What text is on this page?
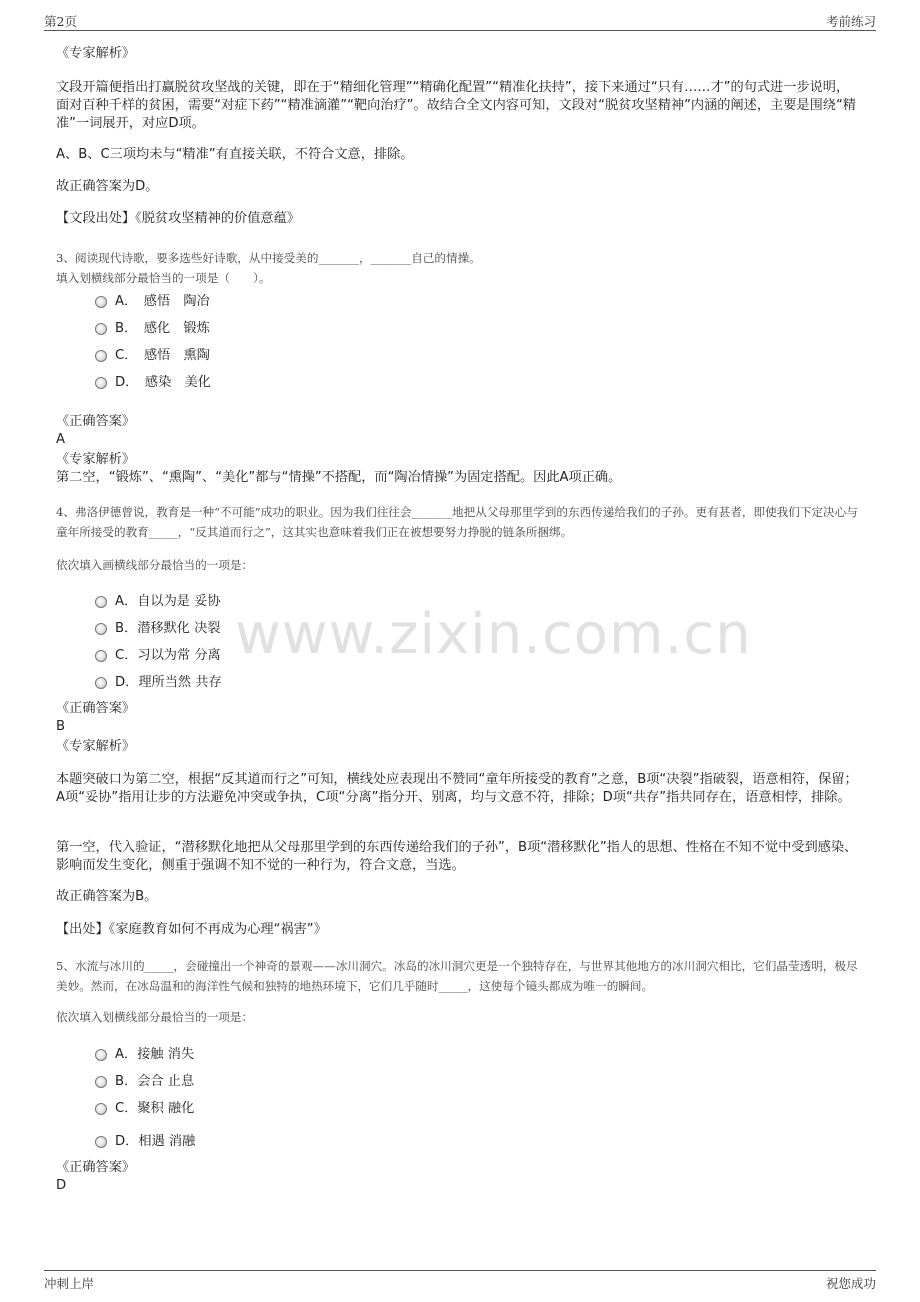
第2页	考前练习
www.zixin.com.cn
《专家解析》
文段开篇便指出打赢脱贫攻坚战的关键，即在于“精细化管理”“精确化配置”“精准化扶持”，接下来通过“只有……才”的句式进一步说明，面对百种千样的贫困，需要“对症下药”“精准滴灌”“靶向治疗”。故结合全文内容可知，文段对“脱贫攻坚精神”内涵的阐述，主要是围绕“精准”一词展开，对应D项。
A、B、C三项均未与“精准”有直接关联，不符合文意，排除。
故正确答案为D。
【文段出处】《脱贫攻坚精神的价值意蕴》
3、阅读现代诗歌，要多选些好诗歌，从中接受美的_______，_______自己的情操。
填入划横线部分最恰当的一项是（　　）。
A．　感悟　陶冶
B．　感化　锻炼
C．　感悟　熏陶
D．　感染　美化
《正确答案》
A
《专家解析》
第二空，“锻炼”、“熏陶”、“美化”都与“情操”不搭配，而“陶冶情操”为固定搭配。因此A项正确。
4、弗洛伊德曾说，教育是一种“不可能”成功的职业。因为我们往往会_______地把从父母那里学到的东西传递给我们的子孙。更有甚者，即使我们下定决心与童年所接受的教育_____，“反其道而行之”，这其实也意味着我们正在被想要努力挣脱的链条所捆绑。
依次填入画横线部分最恰当的一项是：
A．自以为是 妥协
B．潜移默化 决裂
C．习以为常 分离
D．理所当然 共存
《正确答案》
B
《专家解析》
本题突破口为第二空，根据“反其道而行之”可知，横线处应表现出不赞同“童年所接受的教育”之意，B项“决裂”指破裂，语意相符，保留；A项“妥协”指用让步的方法避免冲突或争执，C项“分离”指分开、别离，均与文意不符，排除；D项“共存”指共同存在，语意相悖，排除。
第一空，代入验证，“潜移默化地把从父母那里学到的东西传递给我们的子孙”，B项“潜移默化”指人的思想、性格在不知不觉中受到感染、影响而发生变化，侧重于强调不知不觉的一种行为，符合文意，当选。
故正确答案为B。
【出处】《家庭教育如何不再成为心理“祸害”》
5、水流与冰川的_____，会碰撞出一个神奇的景观——冰川洞穴。冰岛的冰川洞穴更是一个独特存在，与世界其他地方的冰川洞穴相比，它们晶莹透明，极尽美妙。然而，在冰岛温和的海洋性气候和独特的地热环境下，它们几乎随时_____，这使每个镜头都成为唯一的瞬间。
依次填入划横线部分最恰当的一项是：
A．接触 消失
B．会合 止息
C．聚积 融化
D．相遇 消融
《正确答案》
D
冲刺上岸	祝您成功
